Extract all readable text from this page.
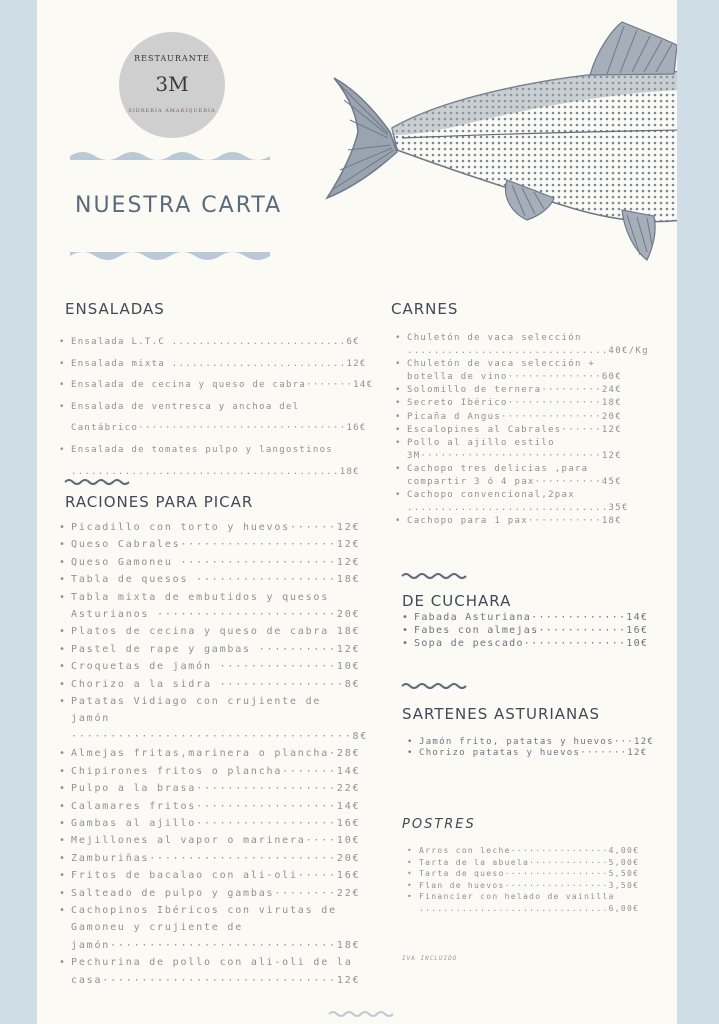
RESTAURANTE
3M
SIDRERIA AMARIQUERÍA
NUESTRA CARTA
ENSALADAS
• Ensalada L.T.C ..........................6€
• Ensalada mixta ..........................12€
• Ensalada de cecina y queso de cabra·······14€
• Ensalada de ventresca y anchoa del
Cantábrico·······························16€
• Ensalada de tomates pulpo y langostinos
........................................18€
RACIONES PARA PICAR
• Picadillo con torto y huevos······12€
• Queso Cabrales····················12€
• Queso Gamoneu ····················12€
• Tabla de quesos ··················18€
• Tabla mixta de embutidos y quesos
Asturianos ·······················20€
• Platos de cecina y queso de cabra 18€
• Pastel de rape y gambas ··········12€
• Croquetas de jamón ···············10€
• Chorizo a la sidra ················8€
• Patatas Vidiago con crujiente de
jamón
····································8€
• Almejas fritas,marinera o plancha·28€
• Chipirones fritos o plancha·······14€
• Pulpo a la brasa··················22€
• Calamares fritos··················14€
• Gambas al ajillo··················16€
• Mejillones al vapor o marinera····10€
• Zamburiñas························20€
• Fritos de bacalao con ali-oli·····16€
• Salteado de pulpo y gambas········22€
• Cachopinos Ibéricos con virutas de
Gamoneu y crujiente de
jamón·····························18€
• Pechurina de pollo con ali-oli de la
casa······························12€
CARNES
• Chuletón de vaca selección
..............................40€/Kg
• Chuletón de vaca selección +
botella de vino··············60€
• Solomillo de ternera·········24€
• Secreto Ibérico··············18€
• Picaña d Angus···············20€
• Escalopines al Cabrales······12€
• Pollo al ajillo estilo
3M···························12€
• Cachopo tres delicias ,para
compartir 3 ó 4 pax··········45€
• Cachopo convencional,2pax
..............................35€
• Cachopo para 1 pax···········18€
DE CUCHARA
• Fabada Asturiana·············14€
• Fabes con almejas············16€
• Sopa de pescado··············10€
SARTENES ASTURIANAS
• Jamón frito, patatas y huevos···12€
• Chorizo patatas y huevos·······12€
POSTRES
• Arros con leche················4,00€
• Tarta de la abuela·············5,00€
• Tarta de queso·················5,50€
• Flan de huevos·················3,50€
• Financier con helado de vainilla
...............................6,00€
IVA INCLUIDO
